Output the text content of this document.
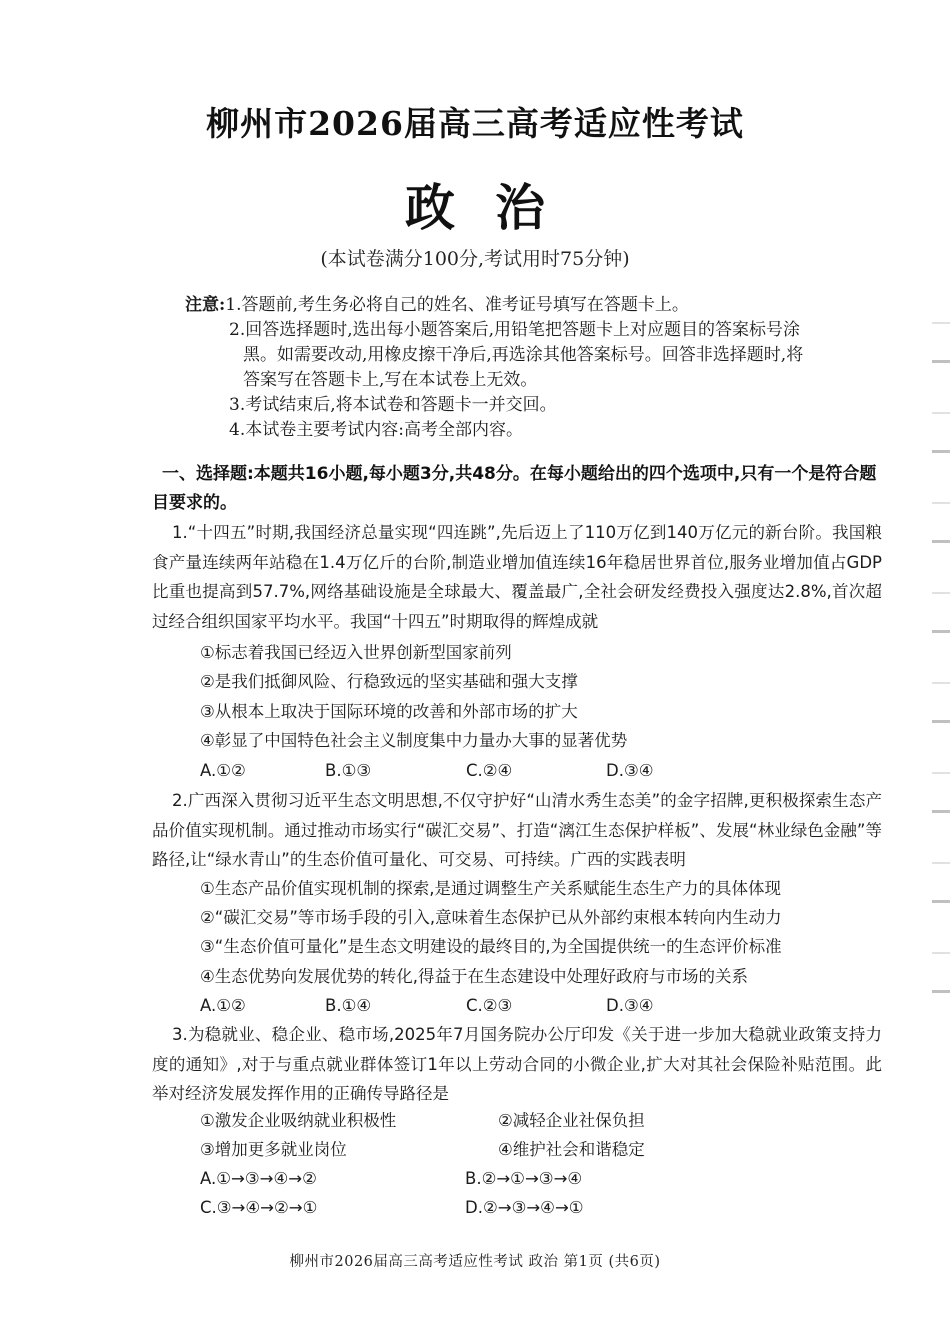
柳州市2026届高三高考适应性考试
政治
(本试卷满分100分,考试用时75分钟)
注意:1.答题前,考生务必将自己的姓名、准考证号填写在答题卡上。
2.回答选择题时,选出每小题答案后,用铅笔把答题卡上对应题目的答案标号涂
黑。如需要改动,用橡皮擦干净后,再选涂其他答案标号。回答非选择题时,将
答案写在答题卡上,写在本试卷上无效。
3.考试结束后,将本试卷和答题卡一并交回。
4.本试卷主要考试内容:高考全部内容。
一、选择题:本题共16小题,每小题3分,共48分。在每小题给出的四个选项中,只有一个是符合题目要求的。
1.“十四五”时期,我国经济总量实现“四连跳”,先后迈上了110万亿到140万亿元的新台阶。我国粮食产量连续两年站稳在1.4万亿斤的台阶,制造业增加值连续16年稳居世界首位,服务业增加值占GDP比重也提高到57.7%,网络基础设施是全球最大、覆盖最广,全社会研发经费投入强度达2.8%,首次超过经合组织国家平均水平。我国“十四五”时期取得的辉煌成就
①标志着我国已经迈入世界创新型国家前列
②是我们抵御风险、行稳致远的坚实基础和强大支撑
③从根本上取决于国际环境的改善和外部市场的扩大
④彰显了中国特色社会主义制度集中力量办大事的显著优势
A.①②	B.①③	C.②④	D.③④
2.广西深入贯彻习近平生态文明思想,不仅守护好“山清水秀生态美”的金字招牌,更积极探索生态产品价值实现机制。通过推动市场实行“碳汇交易”、打造“漓江生态保护样板”、发展“林业绿色金融”等路径,让“绿水青山”的生态价值可量化、可交易、可持续。广西的实践表明
①生态产品价值实现机制的探索,是通过调整生产关系赋能生态生产力的具体体现
②“碳汇交易”等市场手段的引入,意味着生态保护已从外部约束根本转向内生动力
③“生态价值可量化”是生态文明建设的最终目的,为全国提供统一的生态评价标准
④生态优势向发展优势的转化,得益于在生态建设中处理好政府与市场的关系
A.①②	B.①④	C.②③	D.③④
3.为稳就业、稳企业、稳市场,2025年7月国务院办公厅印发《关于进一步加大稳就业政策支持力度的通知》,对于与重点就业群体签订1年以上劳动合同的小微企业,扩大对其社会保险补贴范围。此举对经济发展发挥作用的正确传导路径是
①激发企业吸纳就业积极性	②减轻企业社保负担
③增加更多就业岗位	④维护社会和谐稳定
A.①→③→④→②	B.②→①→③→④
C.③→④→②→①	D.②→③→④→①
柳州市2026届高三高考适应性考试 政治 第1页 (共6页)
